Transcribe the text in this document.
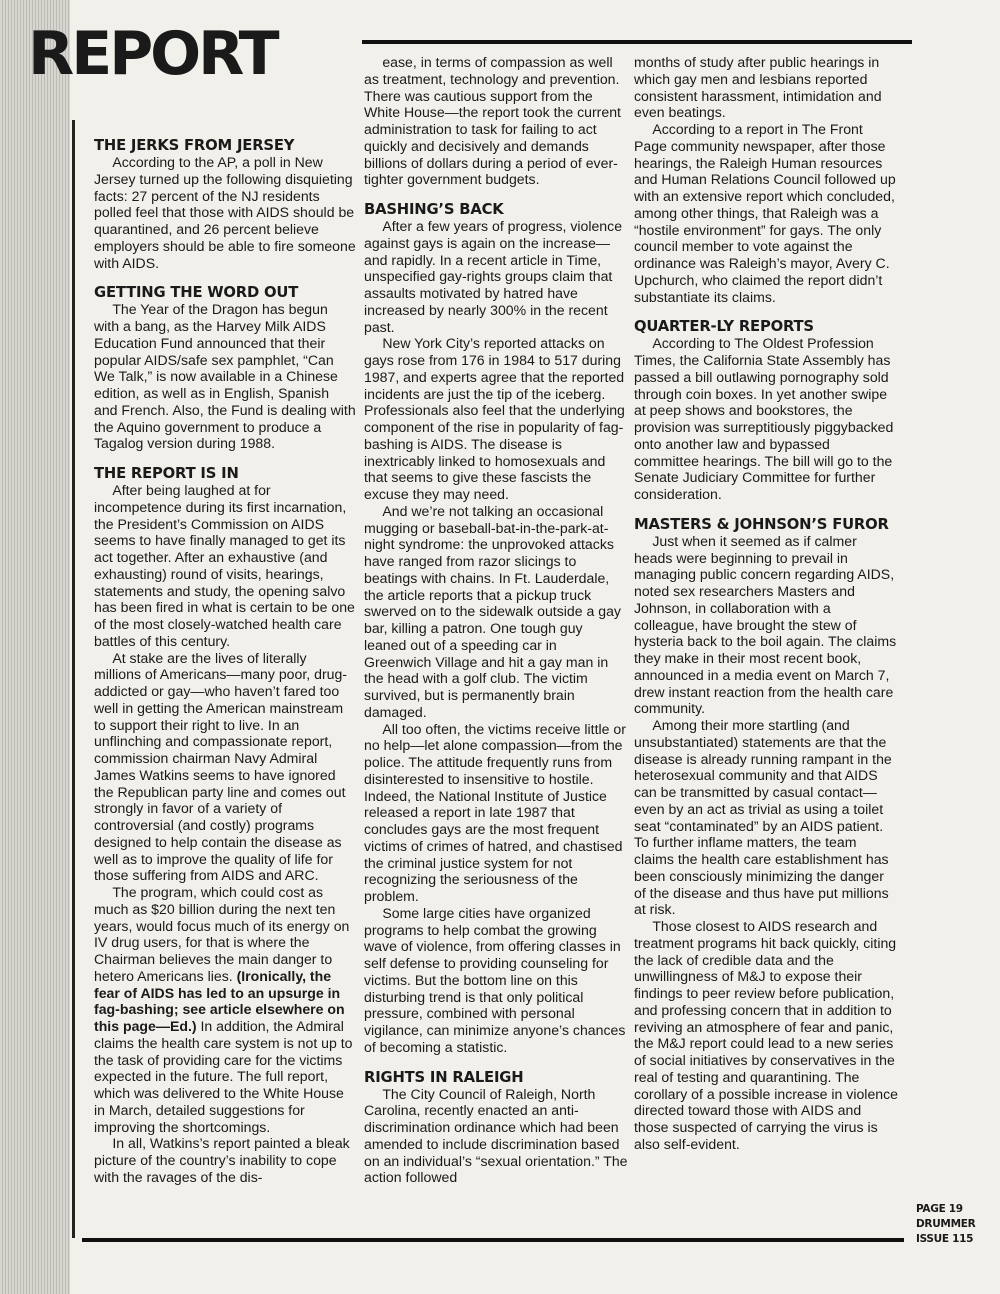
REPORT
THE JERKS FROM JERSEY

According to the AP, a poll in New Jersey turned up the following disquieting facts: 27 percent of the NJ residents polled feel that those with AIDS should be quarantined, and 26 percent believe employers should be able to fire someone with AIDS.

GETTING THE WORD OUT

The Year of the Dragon has begun with a bang, as the Harvey Milk AIDS Education Fund announced that their popular AIDS/safe sex pamphlet, “Can We Talk,” is now available in a Chinese edition, as well as in English, Spanish and French. Also, the Fund is dealing with the Aquino government to produce a Tagalog version during 1988.

THE REPORT IS IN

After being laughed at for incompetence during its first incarnation, the President’s Commission on AIDS seems to have finally managed to get its act together. After an exhaustive (and exhausting) round of visits, hearings, statements and study, the opening salvo has been fired in what is certain to be one of the most closely-watched health care battles of this century.

At stake are the lives of literally millions of Americans—many poor, drug-addicted or gay—who haven’t fared too well in getting the American mainstream to support their right to live. In an unflinching and compassionate report, commission chairman Navy Admiral James Watkins seems to have ignored the Republican party line and comes out strongly in favor of a variety of controversial (and costly) programs designed to help contain the disease as well as to improve the quality of life for those suffering from AIDS and ARC.

The program, which could cost as much as $20 billion during the next ten years, would focus much of its energy on IV drug users, for that is where the Chairman believes the main danger to hetero Americans lies. (Ironically, the fear of AIDS has led to an upsurge in fag-bashing; see article elsewhere on this page—Ed.) In addition, the Admiral claims the health care system is not up to the task of providing care for the victims expected in the future. The full report, which was delivered to the White House in March, detailed suggestions for improving the shortcomings.

In all, Watkins’s report painted a bleak picture of the country’s inability to cope with the ravages of the dis-

ease, in terms of compassion as well as treatment, technology and prevention. There was cautious support from the White House—the report took the current administration to task for failing to act quickly and decisively and demands billions of dollars during a period of ever-tighter government budgets.

BASHING’S BACK

After a few years of progress, violence against gays is again on the increase—and rapidly. In a recent article in Time, unspecified gay-rights groups claim that assaults motivated by hatred have increased by nearly 300% in the recent past.

New York City’s reported attacks on gays rose from 176 in 1984 to 517 during 1987, and experts agree that the reported incidents are just the tip of the iceberg. Professionals also feel that the underlying component of the rise in popularity of fag-bashing is AIDS. The disease is inextricably linked to homosexuals and that seems to give these fascists the excuse they may need.

And we’re not talking an occasional mugging or baseball-bat-in-the-park-at-night syndrome: the unprovoked attacks have ranged from razor slicings to beatings with chains. In Ft. Lauderdale, the article reports that a pickup truck swerved on to the sidewalk outside a gay bar, killing a patron. One tough guy leaned out of a speeding car in Greenwich Village and hit a gay man in the head with a golf club. The victim survived, but is permanently brain damaged.

All too often, the victims receive little or no help—let alone compassion—from the police. The attitude frequently runs from disinterested to insensitive to hostile. Indeed, the National Institute of Justice released a report in late 1987 that concludes gays are the most frequent victims of crimes of hatred, and chastised the criminal justice system for not recognizing the seriousness of the problem.

Some large cities have organized programs to help combat the growing wave of violence, from offering classes in self defense to providing counseling for victims. But the bottom line on this disturbing trend is that only political pressure, combined with personal vigilance, can minimize anyone’s chances of becoming a statistic.

RIGHTS IN RALEIGH

The City Council of Raleigh, North Carolina, recently enacted an anti-discrimination ordinance which had been amended to include discrimination based on an individual’s “sexual orientation.” The action followed

months of study after public hearings in which gay men and lesbians reported consistent harassment, intimidation and even beatings.

According to a report in The Front Page community newspaper, after those hearings, the Raleigh Human resources and Human Relations Council followed up with an extensive report which concluded, among other things, that Raleigh was a “hostile environment” for gays. The only council member to vote against the ordinance was Raleigh’s mayor, Avery C. Upchurch, who claimed the report didn’t substantiate its claims.

QUARTER-LY REPORTS

According to The Oldest Profession Times, the California State Assembly has passed a bill outlawing pornography sold through coin boxes. In yet another swipe at peep shows and bookstores, the provision was surreptitiously piggybacked onto another law and bypassed committee hearings. The bill will go to the Senate Judiciary Committee for further consideration.

MASTERS & JOHNSON’S FUROR

Just when it seemed as if calmer heads were beginning to prevail in managing public concern regarding AIDS, noted sex researchers Masters and Johnson, in collaboration with a colleague, have brought the stew of hysteria back to the boil again. The claims they make in their most recent book, announced in a media event on March 7, drew instant reaction from the health care community.

Among their more startling (and unsubstantiated) statements are that the disease is already running rampant in the heterosexual community and that AIDS can be transmitted by casual contact—even by an act as trivial as using a toilet seat “contaminated” by an AIDS patient. To further inflame matters, the team claims the health care establishment has been consciously minimizing the danger of the disease and thus have put millions at risk.

Those closest to AIDS research and treatment programs hit back quickly, citing the lack of credible data and the unwillingness of M&J to expose their findings to peer review before publication, and professing concern that in addition to reviving an atmosphere of fear and panic, the M&J report could lead to a new series of social initiatives by conservatives in the real of testing and quarantining. The corollary of a possible increase in violence directed toward those with AIDS and those suspected of carrying the virus is also self-evident.

PAGE 19
DRUMMER
ISSUE 115
